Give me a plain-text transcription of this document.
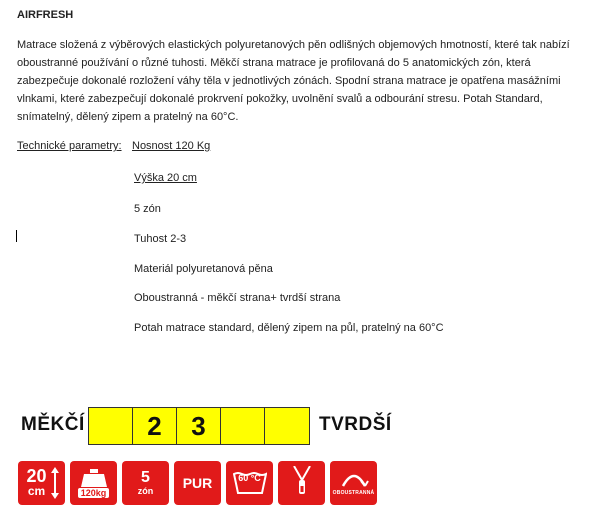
AIRFRESH
Matrace složená z výběrových elastických polyuretanových pěn odlišných objemových hmotností, které tak nabízí oboustranné používání o různé tuhosti. Měkčí strana matrace je profilovaná do 5 anatomických zón, která zabezpečuje dokonalé rozložení váhy těla v jednotlivých zónách. Spodní strana matrace je opatřena masážními vlnkami, které zabezpečují dokonalé prokrvení pokožky, uvolnění svalů a odbourání stresu. Potah Standard, snímatelný, dělený zipem a pratelný na 60°C.
Technické parametry: Nosnost 120 Kg
Výška 20 cm
5 zón
Tuhost 2-3
Materiál polyuretanová pěna
Oboustranná - měkčí strana+ tvrdší strana
Potah matrace standard, dělený zipem na půl, pratelný na 60°C
MĚKČÍ	2	3	TVRDŠÍ
20
cm	120kg
5
zón PUR	60 °C
OBOUSTRANNÁ
